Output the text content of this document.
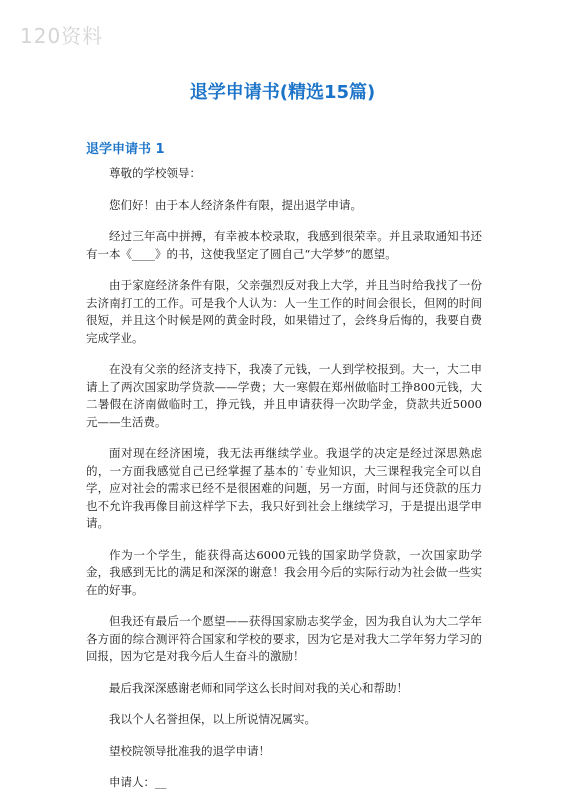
120资料
退学申请书(精选15篇)
退学申请书 1

尊敬的学校领导：

您们好！由于本人经济条件有限，提出退学申请。

经过三年高中拼搏，有幸被本校录取，我感到很荣幸。并且录取通知书还有一本《____》的书，这使我坚定了圆自己“大学梦”的愿望。

由于家庭经济条件有限，父亲强烈反对我上大学，并且当时给我找了一份去济南打工的工作。可是我个人认为：人一生工作的时间会很长，但网的时间很短，并且这个时候是网的黄金时段，如果错过了，会终身后悔的，我要自费完成学业。

在没有父亲的经济支持下，我凑了元钱，一人到学校报到。大一，大二申请上了两次国家助学贷款——学费；大一寒假在郑州做临时工挣800元钱，大二暑假在济南做临时工，挣元钱，并且申请获得一次助学金，贷款共近5000元——生活费。

面对现在经济困境，我无法再继续学业。我退学的决定是经过深思熟虑的，一方面我感觉自己已经掌握了基本的˙专业知识，大三课程我完全可以自学，应对社会的需求已经不是很困难的问题，另一方面，时间与还贷款的压力也不允许我再像目前这样学下去，我只好到社会上继续学习，于是提出退学申请。

作为一个学生，能获得高达6000元钱的国家助学贷款，一次国家助学金，我感到无比的满足和深深的谢意！我会用今后的实际行动为社会做一些实在的好事。

但我还有最后一个愿望——获得国家励志奖学金，因为我自认为大二学年各方面的综合测评符合国家和学校的要求，因为它是对我大二学年努力学习的回报，因为它是对我今后人生奋斗的激励！

最后我深深感谢老师和同学这么长时间对我的关心和帮助！

我以个人名誉担保，以上所说情况属实。

望校院领导批准我的退学申请！

申请人：__
